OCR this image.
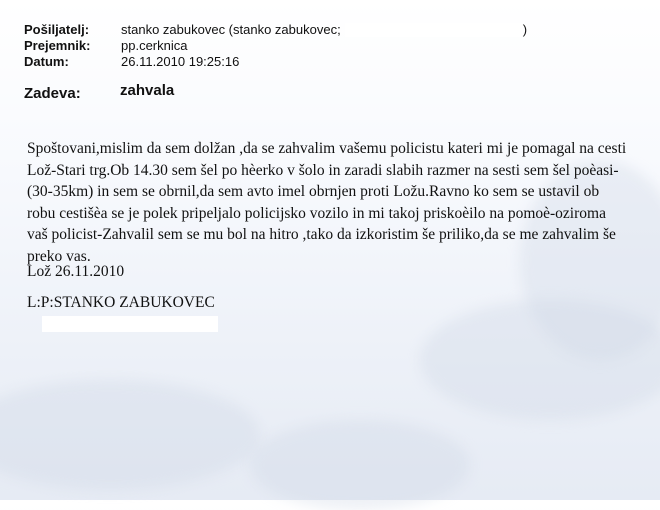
Pošiljatelj:	stanko zabukovec (stanko zabukovec;	)
Prejemnik:	pp.cerknica
Datum:	26.11.2010 19:25:16
Zadeva:	zahvala

Spoštovani,mislim da sem dolžan ,da se zahvalim vašemu policistu kateri mi je pomagal na cesti Lož-Stari trg.Ob 14.30 sem šel po hèerko v šolo in zaradi slabih razmer na sesti sem šel poèasi-(30-35km) in sem se obrnil,da sem avto imel obrnjen proti Ložu.Ravno ko sem se ustavil ob robu cestišèa se je polek pripeljalo policijsko vozilo in mi takoj priskoèilo na pomoè-oziroma vaš policist-Zahvalil sem se mu bol na hitro ,tako da izkoristim še priliko,da se me zahvalim še preko vas.

Lož 26.11.2010
L:P:STANKO ZABUKOVEC
